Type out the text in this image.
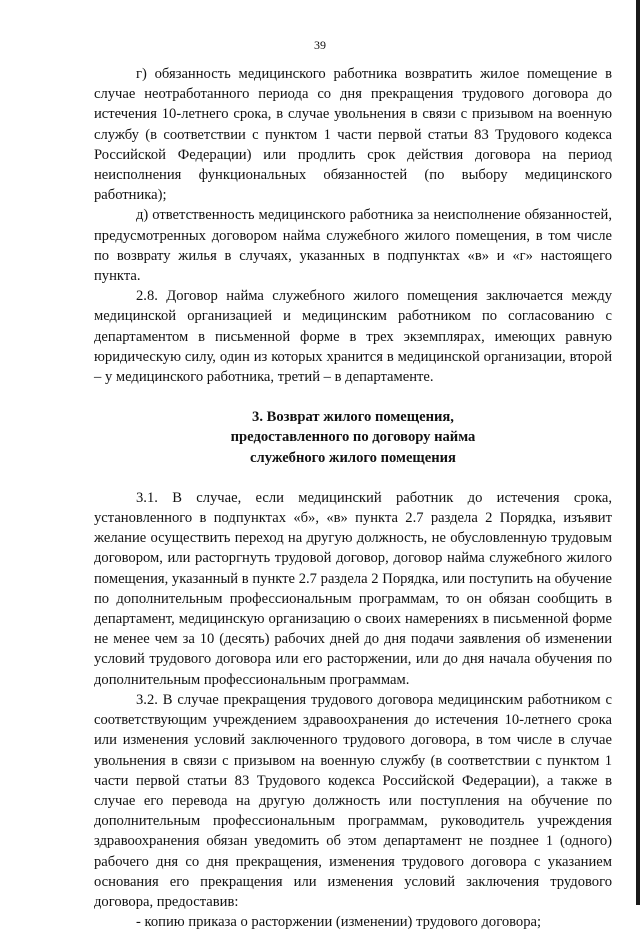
39

г) обязанность медицинского работника возвратить жилое помещение в случае неотработанного периода со дня прекращения трудового договора до истечения 10-летнего срока, в случае увольнения в связи с призывом на военную службу (в соответствии с пунктом 1 части первой статьи 83 Трудового кодекса Российской Федерации) или продлить срок действия договора на период неисполнения функциональных обязанностей (по выбору медицинского работника);

д) ответственность медицинского работника за неисполнение обязанностей, предусмотренных договором найма служебного жилого помещения, в том числе по возврату жилья в случаях, указанных в подпунктах «в» и «г» настоящего пункта.

2.8. Договор найма служебного жилого помещения заключается между медицинской организацией и медицинским работником по согласованию с департаментом в письменной форме в трех экземплярах, имеющих равную юридическую силу, один из которых хранится в медицинской организации, второй – у медицинского работника, третий – в департаменте.

3. Возврат жилого помещения,
предоставленного по договору найма
служебного жилого помещения

3.1. В случае, если медицинский работник до истечения срока, установленного в подпунктах «б», «в» пункта 2.7 раздела 2 Порядка, изъявит желание осуществить переход на другую должность, не обусловленную трудовым договором, или расторгнуть трудовой договор, договор найма служебного жилого помещения, указанный в пункте 2.7 раздела 2 Порядка, или поступить на обучение по дополнительным профессиональным программам, то он обязан сообщить в департамент, медицинскую организацию о своих намерениях в письменной форме не менее чем за 10 (десять) рабочих дней до дня подачи заявления об изменении условий трудового договора или его расторжении, или до дня начала обучения по дополнительным профессиональным программам.

3.2. В случае прекращения трудового договора медицинским работником с соответствующим учреждением здравоохранения до истечения 10-летнего срока или изменения условий заключенного трудового договора, в том числе в случае увольнения в связи с призывом на военную службу (в соответствии с пунктом 1 части первой статьи 83 Трудового кодекса Российской Федерации), а также в случае его перевода на другую должность или поступления на обучение по дополнительным профессиональным программам, руководитель учреждения здравоохранения обязан уведомить об этом департамент не позднее 1 (одного) рабочего дня со дня прекращения, изменения трудового договора с указанием основания его прекращения или изменения условий заключения трудового договора, предоставив:

- копию приказа о расторжении (изменении) трудового договора;
